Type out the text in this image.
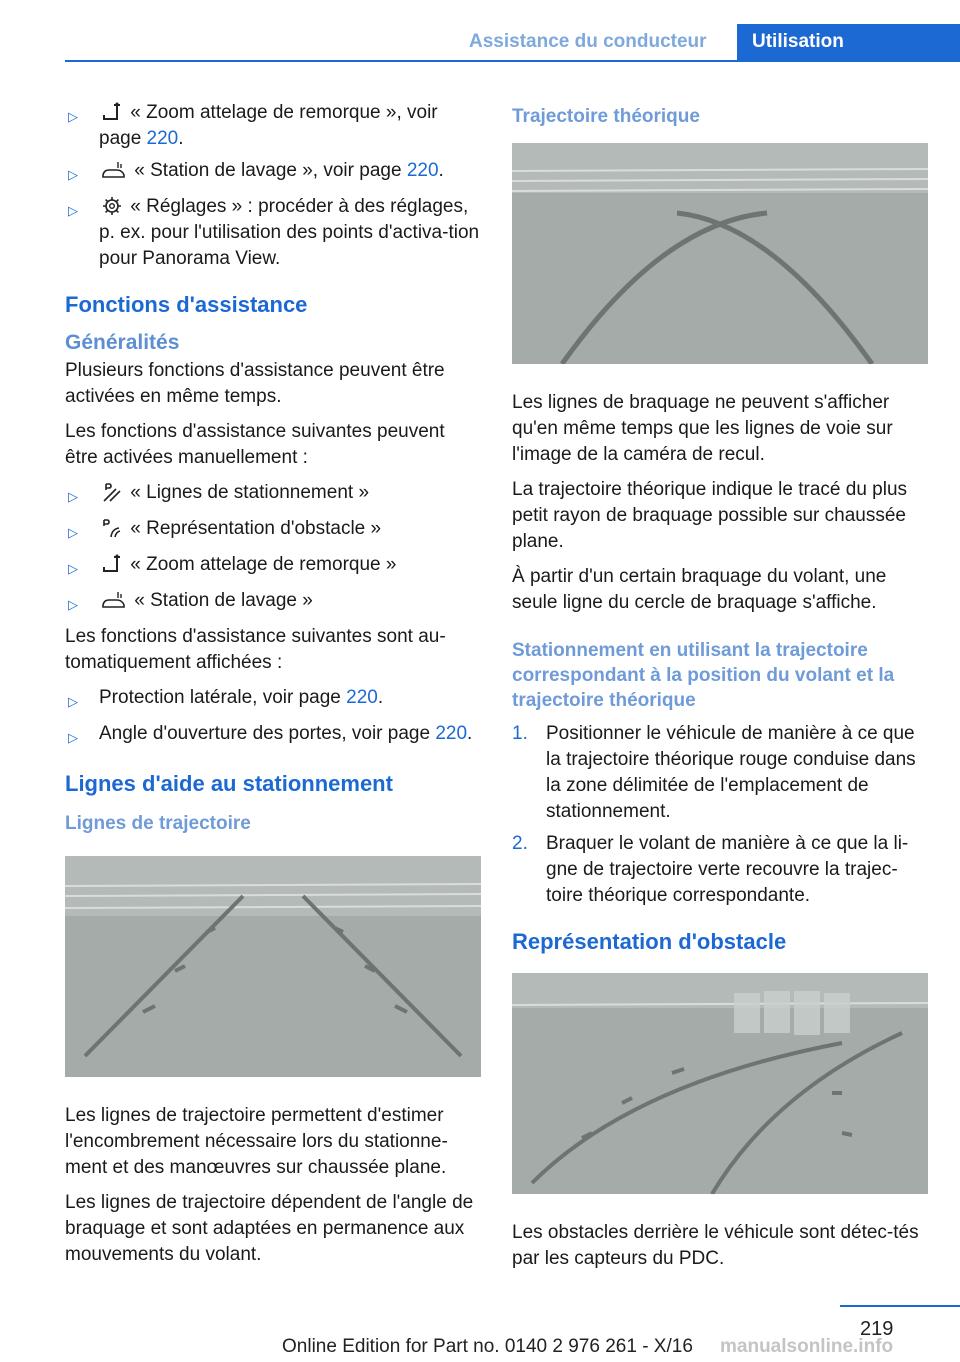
Assistance du conducteur	Utilisation
▷	« Zoom attelage de remorque », voir page 220.
▷	« Station de lavage », voir page 220.
▷	« Réglages » : procéder à des réglages, p. ex. pour l'utilisation des points d'activa-tion pour Panorama View.
Fonctions d'assistance
Généralités

Plusieurs fonctions d'assistance peuvent être activées en même temps.

Les fonctions d'assistance suivantes peuvent être activées manuellement :

▷	« Lignes de stationnement »
▷	« Représentation d'obstacle »
▷	« Zoom attelage de remorque »
▷	« Station de lavage »

Les fonctions d'assistance suivantes sont au-tomatiquement affichées :

▷	Protection latérale, voir page 220.
▷	Angle d'ouverture des portes, voir page 220.
Lignes d'aide au stationnement
Lignes de trajectoire

Les lignes de trajectoire permettent d'estimer l'encombrement nécessaire lors du stationne-ment et des manœuvres sur chaussée plane.

Les lignes de trajectoire dépendent de l'angle de braquage et sont adaptées en permanence aux mouvements du volant.

Trajectoire théorique

Les lignes de braquage ne peuvent s'afficher qu'en même temps que les lignes de voie sur l'image de la caméra de recul.

La trajectoire théorique indique le tracé du plus petit rayon de braquage possible sur chaussée plane.

À partir d'un certain braquage du volant, une seule ligne du cercle de braquage s'affiche.

Stationnement en utilisant la trajectoire correspondant à la position du volant et la trajectoire théorique
1. Positionner le véhicule de manière à ce que la trajectoire théorique rouge conduise dans la zone délimitée de l'emplacement de stationnement.
2. Braquer le volant de manière à ce que la li-gne de trajectoire verte recouvre la trajec-toire théorique correspondante.
Représentation d'obstacle

Les obstacles derrière le véhicule sont détec-tés par les capteurs du PDC.

219
Online Edition for Part no. 0140 2 976 261 - X/16 manualsonline.info
